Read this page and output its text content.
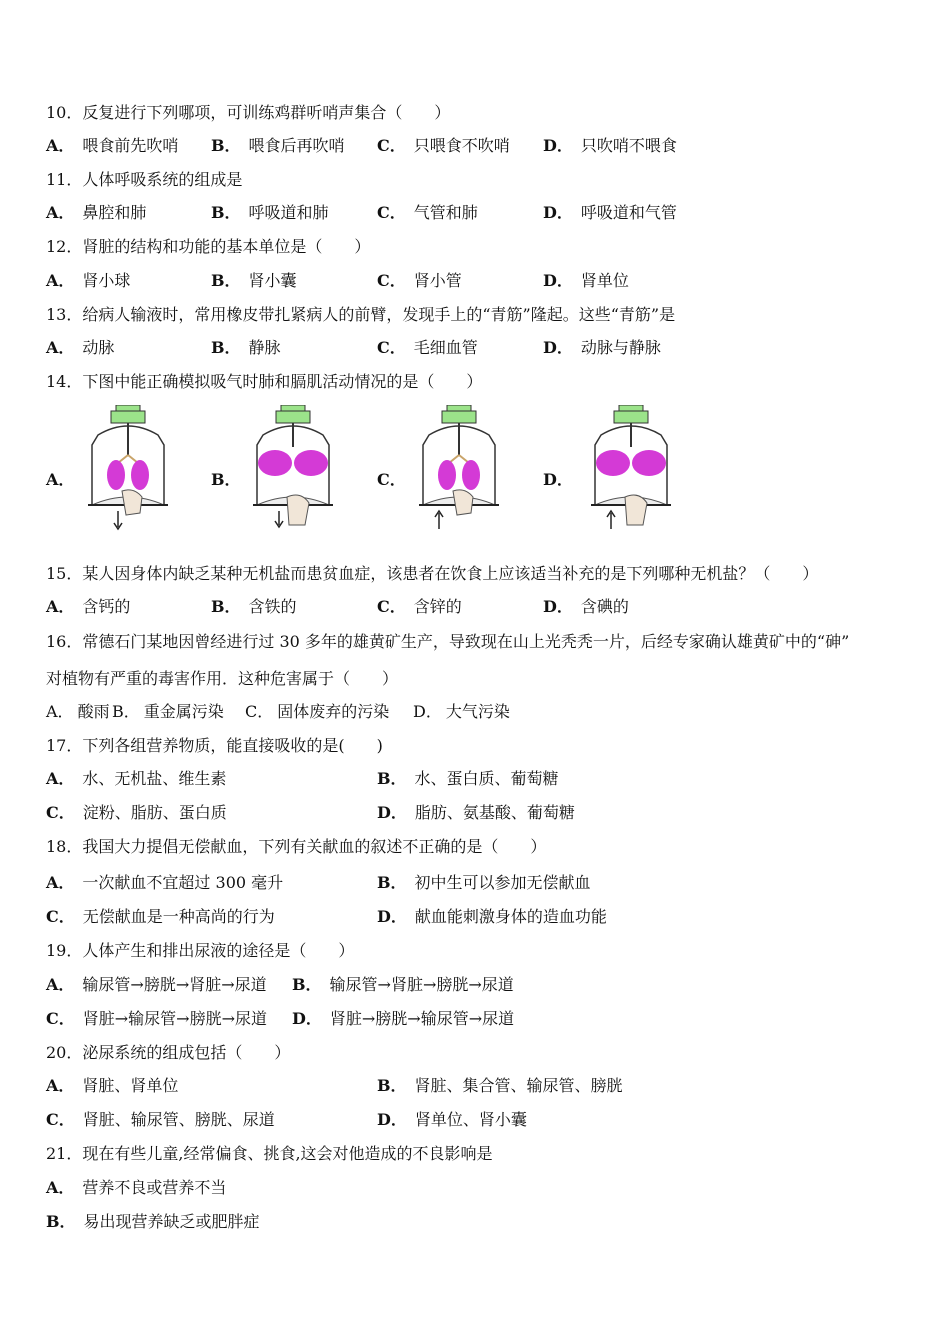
10．反复进行下列哪项，可训练鸡群听哨声集合（　　）
A． 喂食前先吹哨 B． 喂食后再吹哨 C． 只喂食不吹哨 D． 只吹哨不喂食
11．人体呼吸系统的组成是
A． 鼻腔和肺	B． 呼吸道和肺	C． 气管和肺	D． 呼吸道和气管
12．肾脏的结构和功能的基本单位是（　　）
A． 肾小球	B． 肾小囊	C． 肾小管	D． 肾单位
13．给病人输液时，常用橡皮带扎紧病人的前臂，发现手上的“青筋”隆起。这些“青筋”是
A． 动脉	B． 静脉	C． 毛细血管	D． 动脉与静脉
14．下图中能正确模拟吸气时肺和膈肌活动情况的是（　　）
A．	B．	C．	D．
15．某人因身体内缺乏某种无机盐而患贫血症，该患者在饮食上应该适当补充的是下列哪种无机盐？（　　）
A． 含钙的	B． 含铁的	C． 含锌的	D． 含碘的
16．常德石门某地因曾经进行过 30 多年的雄黄矿生产，导致现在山上光秃秃一片，后经专家确认雄黄矿中的“砷”
对植物有严重的毒害作用．这种危害属于（　　）
A． 酸雨 B． 重金属污染 C． 固体废弃的污染 D． 大气污染
17．下列各组营养物质，能直接吸收的是(　　)
A． 水、无机盐、维生素	B． 水、蛋白质、葡萄糖
C． 淀粉、脂肪、蛋白质	D． 脂肪、氨基酸、葡萄糖
18．我国大力提倡无偿献血，下列有关献血的叙述不正确的是（　　）
A． 一次献血不宜超过 300 毫升	B． 初中生可以参加无偿献血
C． 无偿献血是一种高尚的行为	D． 献血能刺激身体的造血功能
19．人体产生和排出尿液的途径是（　　）
A． 输尿管→膀胱→肾脏→尿道 B． 输尿管→肾脏→膀胱→尿道
C． 肾脏→输尿管→膀胱→尿道 D． 肾脏→膀胱→输尿管→尿道
20．泌尿系统的组成包括（　　）
A． 肾脏、肾单位	B． 肾脏、集合管、输尿管、膀胱
C． 肾脏、输尿管、膀胱、尿道	D． 肾单位、肾小囊
21．现在有些儿童,经常偏食、挑食,这会对他造成的不良影响是
A． 营养不良或营养不当
B． 易出现营养缺乏或肥胖症
